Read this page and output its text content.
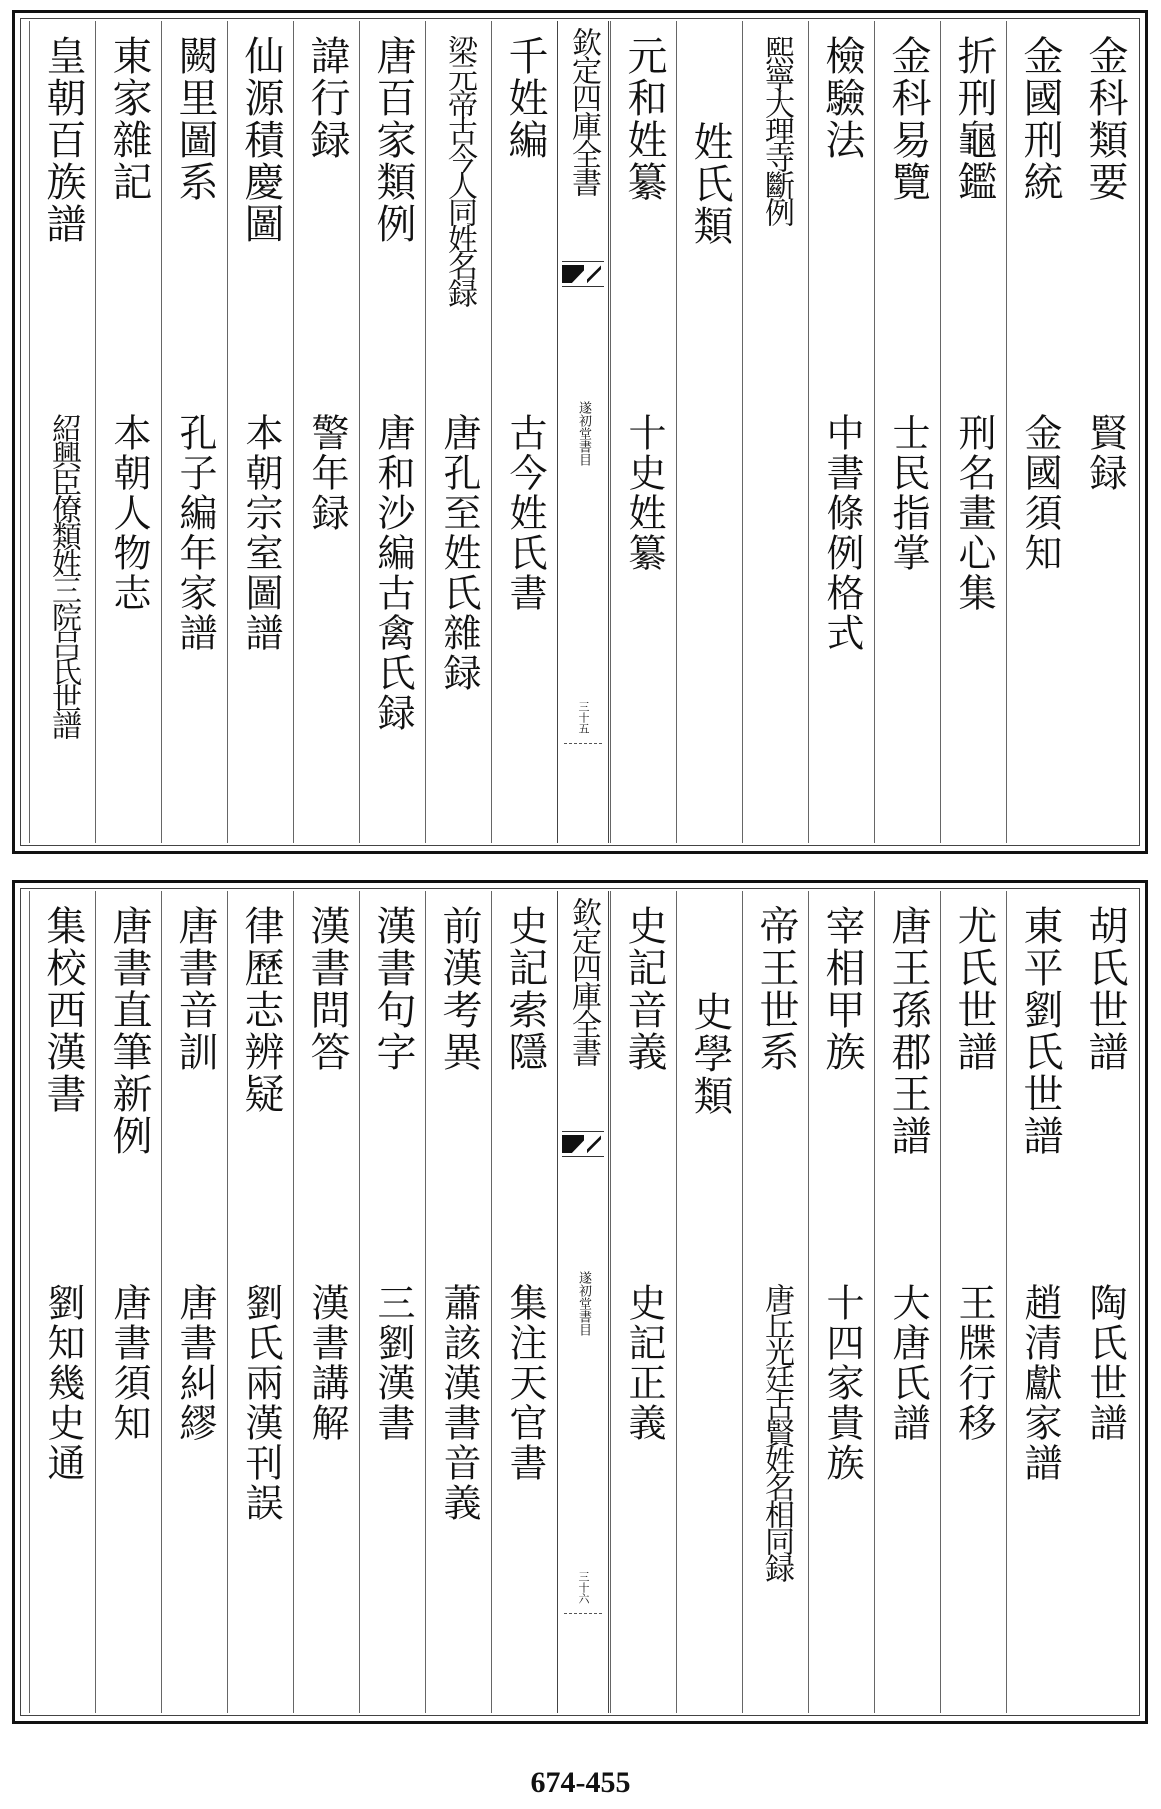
欽定四庫全書
遂初堂書目
三十五
金科類要
賢録
金國刑統
金國須知
折刑龜鑑
刑名畫心集
金科易覽
士民指掌
檢驗法
中書條例格式
熙寧大理寺斷例
姓氏類
元和姓纂
十史姓纂
千姓編
古今姓氏書
梁元帝古今人同姓名録
唐孔至姓氏雜録
唐百家類例
唐和沙編古禽氏録
諱行録
警年録
仙源積慶圖
本朝宗室圖譜
闕里圖系
孔子編年家譜
東家雜記
本朝人物志
皇朝百族譜
紹興臣僚類姓三院吕氏世譜
欽定四庫全書
遂初堂書目
三十六
胡氏世譜
陶氏世譜
東平劉氏世譜
趙清獻家譜
尤氏世譜
王牒行移
唐王孫郡王譜
大唐氏譜
宰相甲族
十四家貴族
帝王世系
唐丘光廷古賢姓名相同録
史學類
史記音義
史記正義
史記索隱
集注天官書
前漢考異
蕭該漢書音義
漢書句字
三劉漢書
漢書問答
漢書講解
律歷志辨疑
劉氏兩漢刊誤
唐書音訓
唐書糾繆
唐書直筆新例
唐書須知
集校西漢書
劉知幾史通
674-455
